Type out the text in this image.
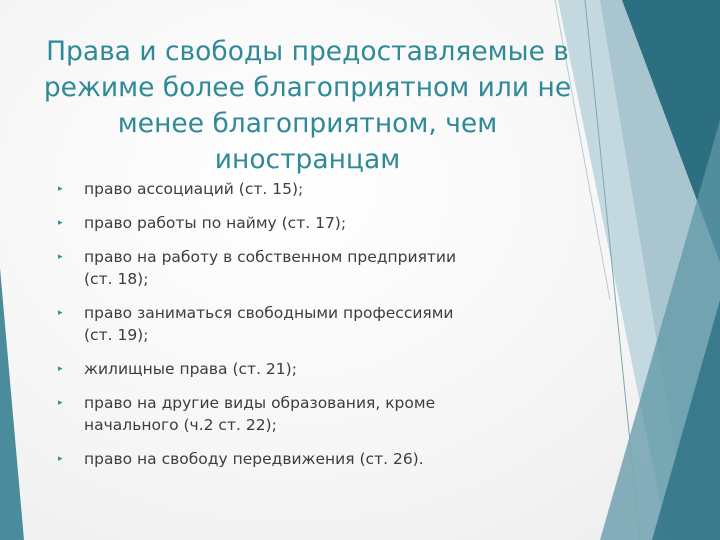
Права и свободы предоставляемые в
режиме более благоприятном или не
менее благоприятном, чем
иностранцам
▸ право ассоциаций (ст. 15);
▸ право работы по найму (ст. 17);
▸ право на работу в собственном предприятии
(ст. 18);
▸ право заниматься свободными профессиями
(ст. 19);
▸ жилищные права (ст. 21);
▸ право на другие виды образования, кроме
начального (ч.2 ст. 22);
▸ право на свободу передвижения (ст. 26).
